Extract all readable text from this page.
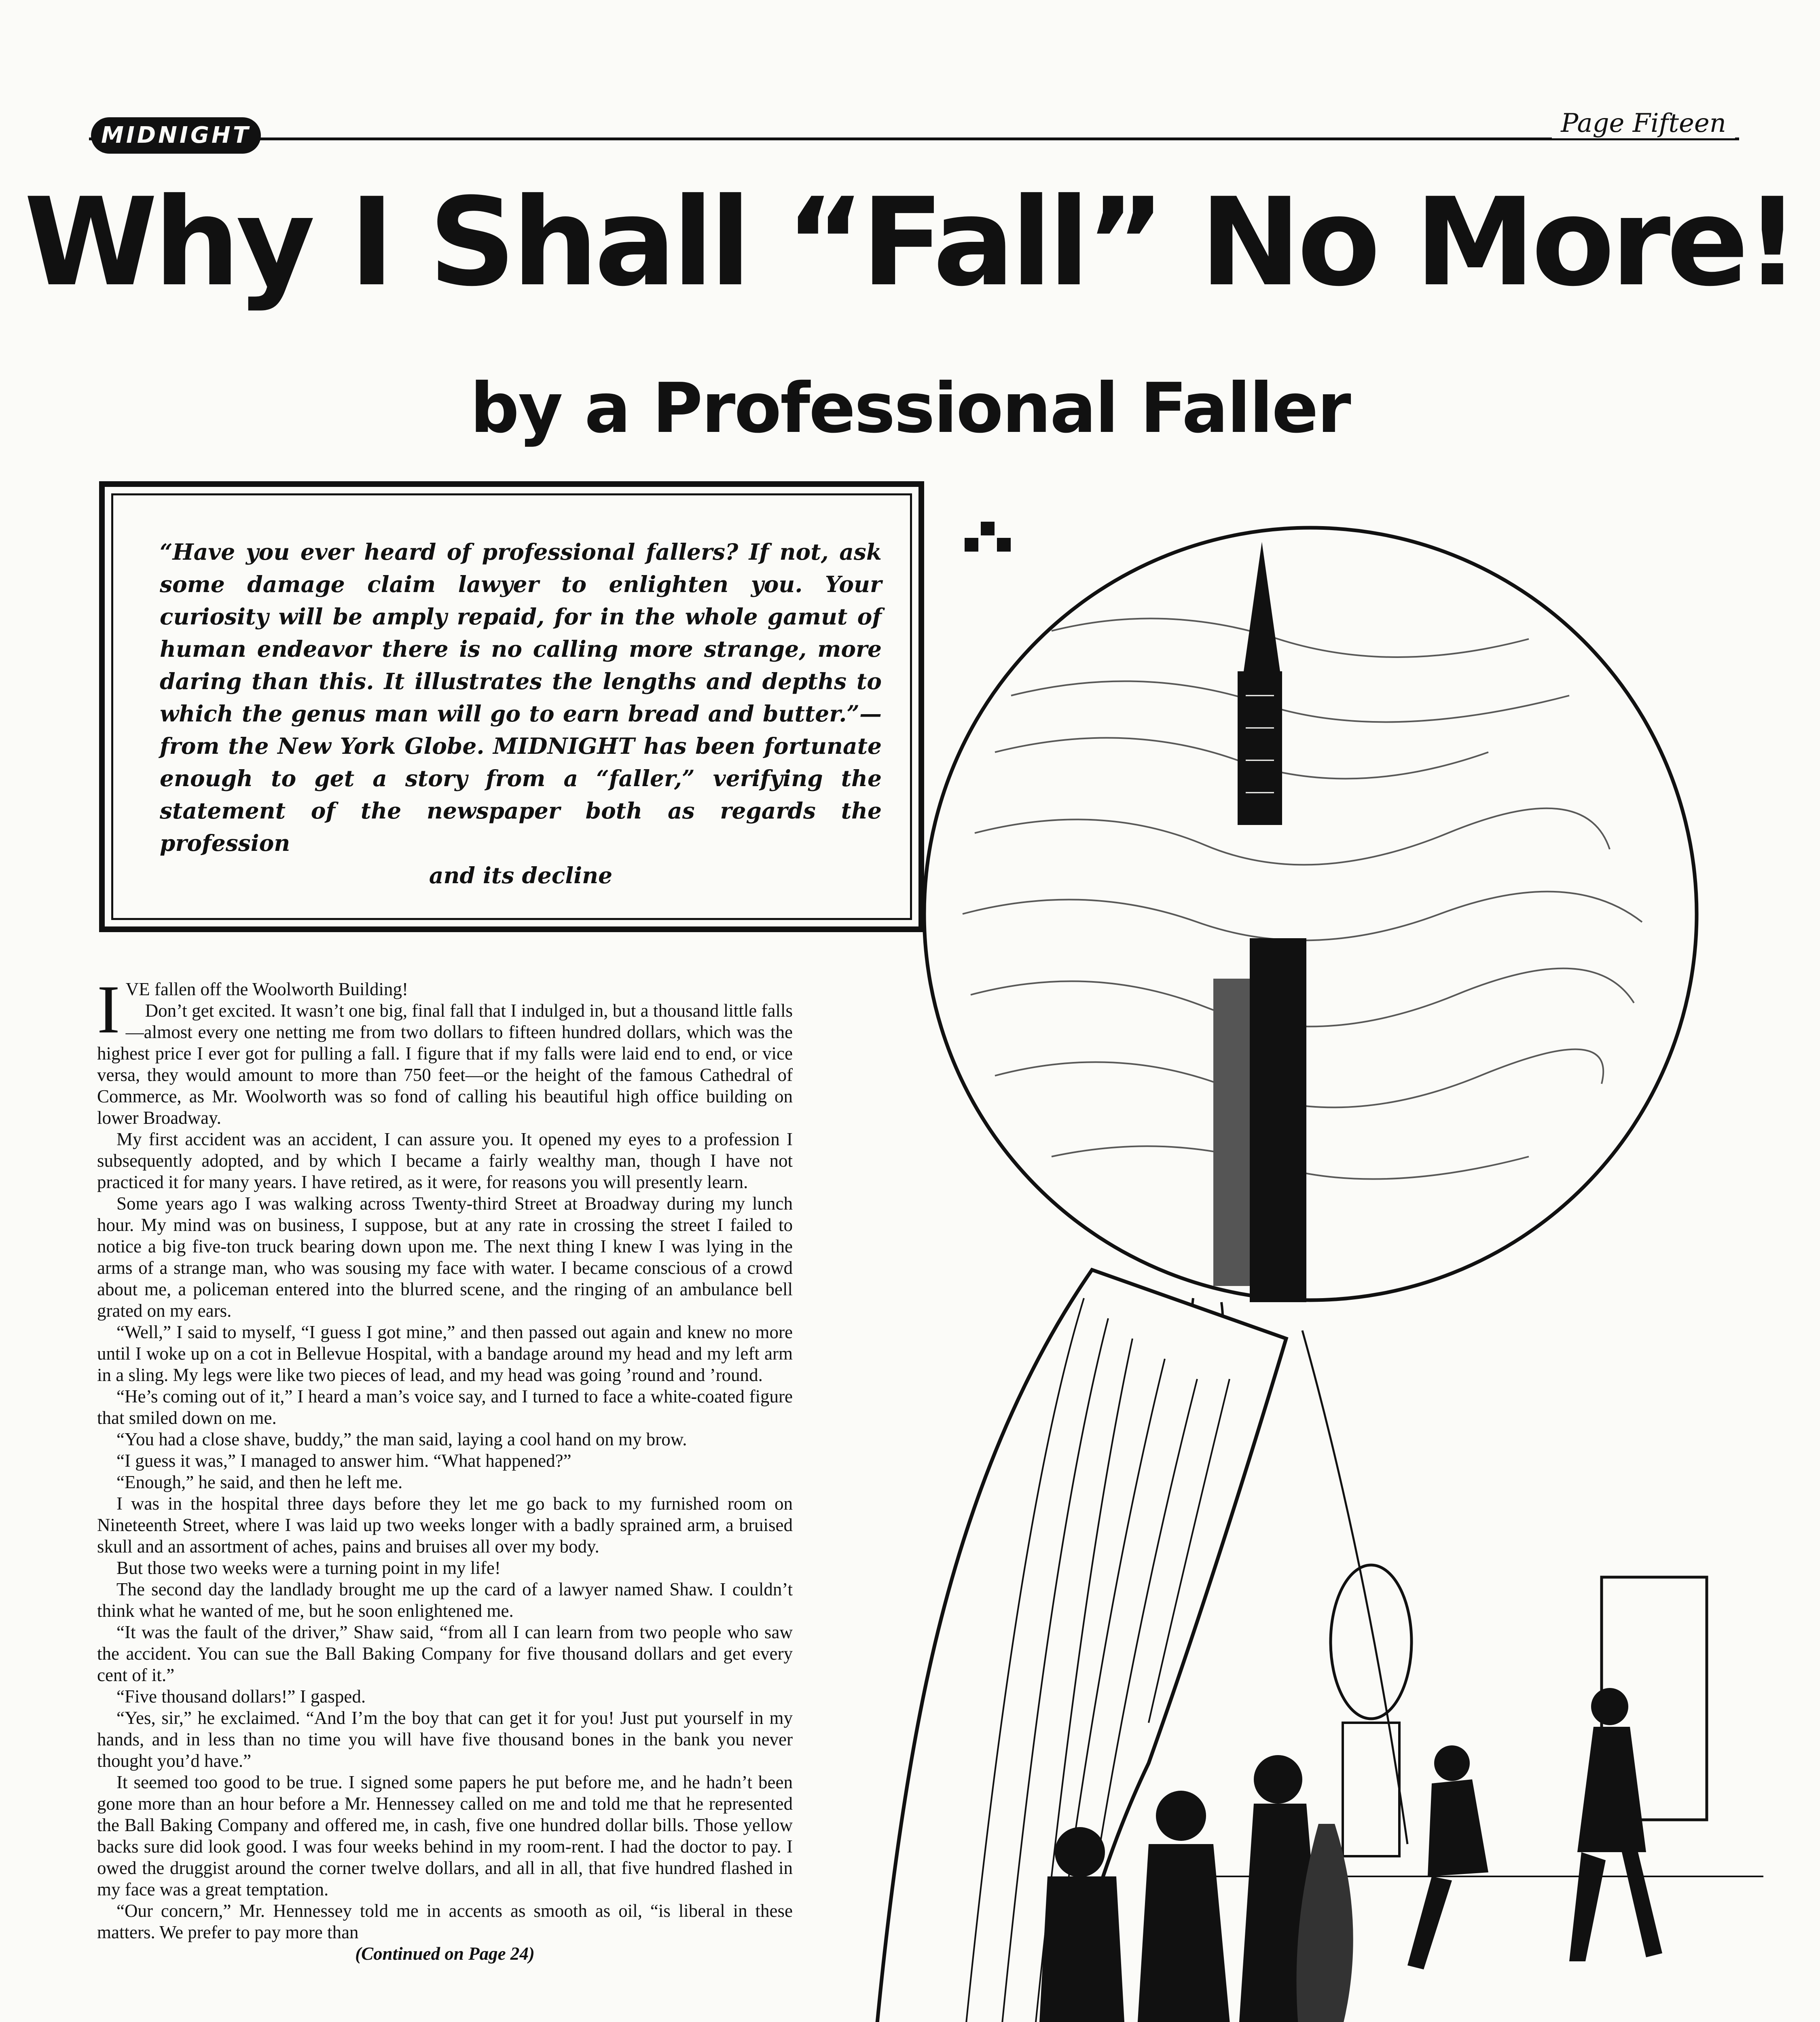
MIDNIGHT	Page Fifteen
Why I Shall “Fall” No More!
by a Professional Faller

“Have you ever heard of professional fallers? If not, ask some damage claim lawyer to enlighten you. Your curiosity will be amply repaid, for in the whole gamut of human endeavor there is no calling more strange, more daring than this. It illustrates the lengths and depths to which the genus man will go to earn bread and butter.”—from the New York Globe. MIDNIGHT has been fortunate enough to get a story from a “faller,” verifying the statement of the newspaper both as regards the profession

and its decline

I VE fallen off the Woolworth Building!

Don’t get excited. It wasn’t one big, final fall that I indulged in, but a thousand little falls—almost every one netting me from two dollars to fifteen hundred dollars, which was the highest price I ever got for pulling a fall. I figure that if my falls were laid end to end, or vice versa, they would amount to more than 750 feet—or the height of the famous Cathedral of Commerce, as Mr. Woolworth was so fond of calling his beautiful high office building on lower Broadway.

My first accident was an accident, I can assure you. It opened my eyes to a profession I subsequently adopted, and by which I became a fairly wealthy man, though I have not practiced it for many years. I have retired, as it were, for reasons you will presently learn.

Some years ago I was walking across Twenty-third Street at Broadway during my lunch hour. My mind was on business, I suppose, but at any rate in crossing the street I failed to notice a big five-ton truck bearing down upon me. The next thing I knew I was lying in the arms of a strange man, who was sousing my face with water. I became conscious of a crowd about me, a policeman entered into the blurred scene, and the ringing of an ambulance bell grated on my ears.

“Well,” I said to myself, “I guess I got mine,” and then passed out again and knew no more until I woke up on a cot in Bellevue Hospital, with a bandage around my head and my left arm in a sling. My legs were like two pieces of lead, and my head was going ’round and ’round.

“He’s coming out of it,” I heard a man’s voice say, and I turned to face a white-coated figure that smiled down on me.

“You had a close shave, buddy,” the man said, laying a cool hand on my brow.

“I guess it was,” I managed to answer him. “What happened?”

“Enough,” he said, and then he left me.

I was in the hospital three days before they let me go back to my furnished room on Nineteenth Street, where I was laid up two weeks longer with a badly sprained arm, a bruised skull and an assortment of aches, pains and bruises all over my body.

But those two weeks were a turning point in my life!

The second day the landlady brought me up the card of a lawyer named Shaw. I couldn’t think what he wanted of me, but he soon enlightened me.

“It was the fault of the driver,” Shaw said, “from all I can learn from two people who saw the accident. You can sue the Ball Baking Company for five thousand dollars and get every cent of it.”

“Five thousand dollars!” I gasped.

“Yes, sir,” he exclaimed. “And I’m the boy that can get it for you! Just put yourself in my hands, and in less than no time you will have five thousand bones in the bank you never thought you’d have.”

It seemed too good to be true. I signed some papers he put before me, and he hadn’t been gone more than an hour before a Mr. Hennessey called on me and told me that he represented the Ball Baking Company and offered me, in cash, five one hundred dollar bills. Those yellow backs sure did look good. I was four weeks behind in my room-rent. I had the doctor to pay. I owed the druggist around the corner twelve dollars, and all in all, that five hundred flashed in my face was a great temptation.

“Our concern,” Mr. Hennessey told me in accents as smooth as oil, “is liberal in these matters. We prefer to pay more than

(Continued on Page 24)
